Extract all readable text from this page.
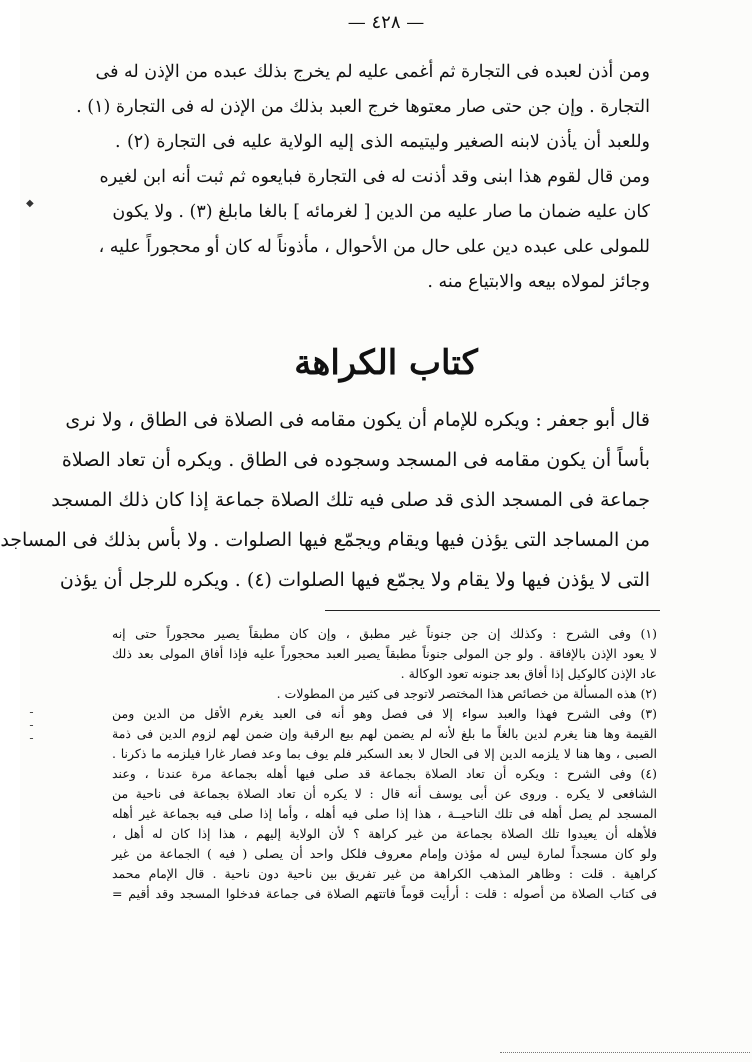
— ٤٢٨ —
◆
ـ
ـ
ـ
ومن أذن لعبده فى التجارة ثم أغمى عليه لم يخرج بذلك عبده من الإذن له فى
التجارة . وإن جن حتى صار معتوها خرج العبد بذلك من الإذن له فى التجارة (١) .
وللعبد أن يأذن لابنه الصغير وليتيمه الذى إليه الولاية عليه فى التجارة (٢) .
ومن قال لقوم هذا ابنى وقد أذنت له فى التجارة فبايعوه ثم ثبت أنه ابن لغيره
كان عليه ضمان ما صار عليه من الدين [ لغرمائه ] بالغا مابلغ (٣) . ولا يكون
للمولى على عبده دين على حال من الأحوال ، مأذوناً له كان أو محجوراً عليه ،
وجائز لمولاه بيعه والابتياع منه .
كتاب الكراهة
قال أبو جعفر : ويكره للإمام أن يكون مقامه فى الصلاة فى الطاق ، ولا نرى
بأساً أن يكون مقامه فى المسجد وسجوده فى الطاق . ويكره أن تعاد الصلاة
جماعة فى المسجد الذى قد صلى فيه تلك الصلاة جماعة إذا كان ذلك المسجد
من المساجد التى يؤذن فيها ويقام ويجمّع فيها الصلوات . ولا بأس بذلك فى المساجد
التى لا يؤذن فيها ولا يقام ولا يجمّع فيها الصلوات (٤) . ويكره للرجل أن يؤذن
(١) وفى الشرح : وكذلك إن جن جنوناً غير مطبق ، وإن كان مطبقاً يصير محجوراً حتى إنه
لا يعود الإذن بالإفاقة . ولو جن المولى جنوناً مطبقاً يصير العبد محجوراً عليه فإذا أفاق المولى بعد ذلك
عاد الإذن كالوكيل إذا أفاق بعد جنونه تعود الوكالة .
(٢) هذه المسألة من خصائص هذا المختصر لاتوجد فى كثير من المطولات .
(٣) وفى الشرح فهذا والعبد سواء إلا فى فصل وهو أنه فى العبد يغرم الأقل من الدين ومن
القيمة وها هنا يغرم لدين بالغاً ما بلغ لأنه لم يضمن لهم بيع الرقبة وإن ضمن لهم لزوم الدين فى ذمة
الصبى ، وها هنا لا يلزمه الدين إلا فى الحال لا بعد السكبر فلم يوف بما وعد فصار غارا فيلزمه ما ذكرنا .
(٤) وفى الشرح : ويكره أن تعاد الصلاة بجماعة قد صلى فيها أهله بجماعة مرة عندنا ، وعند
الشافعى لا يكره . وروى عن أبى يوسف أنه قال : لا يكره أن تعاد الصلاة بجماعة فى ناحية من
المسجد لم يصل أهله فى تلك الناحيــة ، هذا إذا صلى فيه أهله ، وأما إذا صلى فيه بجماعة غير أهله
فلأهله أن يعيدوا تلك الصلاة بجماعة من غير كراهة ؟ لأن الولاية إليهم ، هذا إذا كان له أهل ،
ولو كان مسجداً لمارة ليس له مؤذن وإمام معروف فلكل واحد أن يصلى ( فيه ) الجماعة من غير
كراهية . قلت : وظاهر المذهب الكراهة من غير تفريق بين ناحية دون ناحية . قال الإمام محمد
فى كتاب الصلاة من أصوله : قلت : أرأيت قوماً فاتتهم الصلاة فى جماعة فدخلوا المسجد وقد أقيم =
